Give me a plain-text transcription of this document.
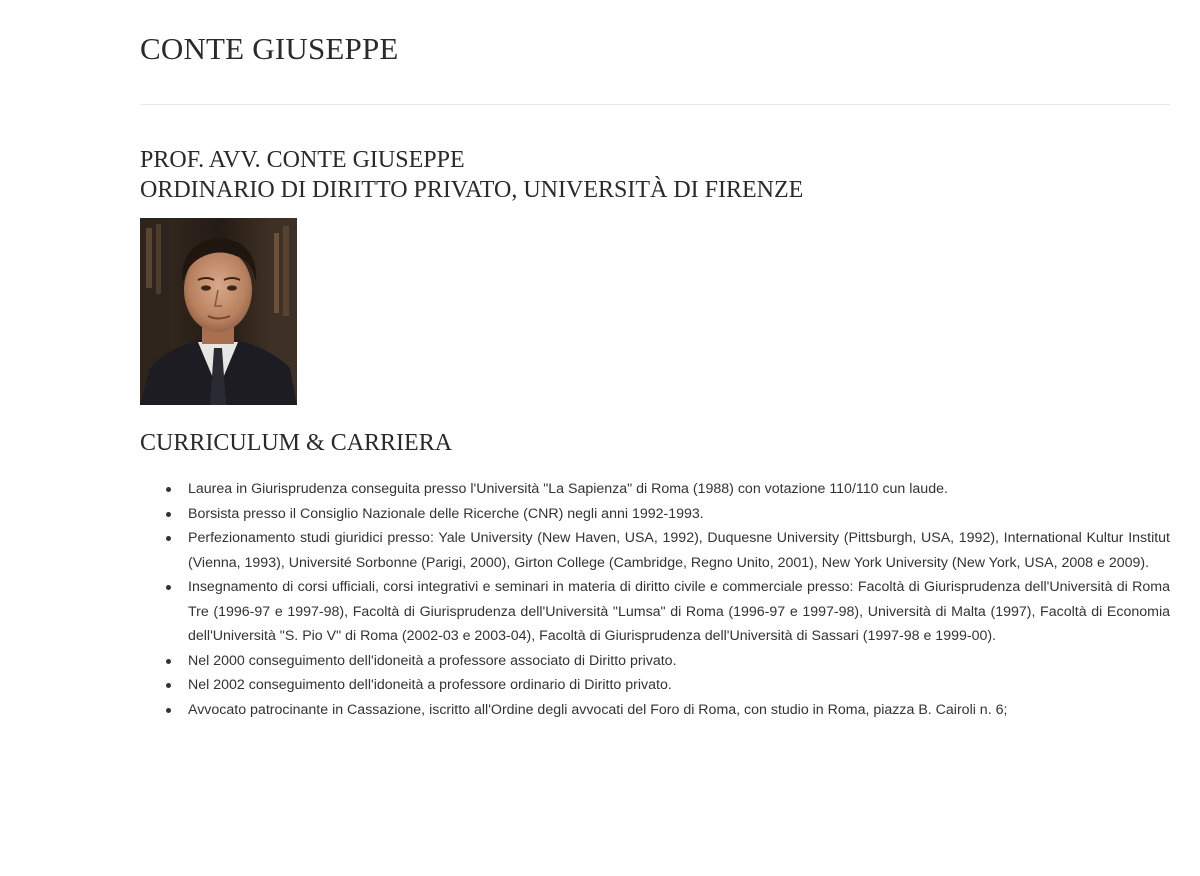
CONTE GIUSEPPE
PROF. AVV. CONTE GIUSEPPE
ORDINARIO DI DIRITTO PRIVATO, UNIVERSITÀ DI FIRENZE
CURRICULUM & CARRIERA
Laurea in Giurisprudenza conseguita presso l'Università "La Sapienza" di Roma (1988) con votazione 110/110 cun laude.
Borsista presso il Consiglio Nazionale delle Ricerche (CNR) negli anni 1992-1993.
Perfezionamento studi giuridici presso: Yale University (New Haven, USA, 1992), Duquesne University (Pittsburgh, USA, 1992), International Kultur Institut (Vienna, 1993), Université Sorbonne (Parigi, 2000), Girton College (Cambridge, Regno Unito, 2001), New York University (New York, USA, 2008 e 2009).
Insegnamento di corsi ufficiali, corsi integrativi e seminari in materia di diritto civile e commerciale presso: Facoltà di Giurisprudenza dell'Università di Roma Tre (1996-97 e 1997-98), Facoltà di Giurisprudenza dell'Università "Lumsa" di Roma (1996-97 e 1997-98), Università di Malta (1997), Facoltà di Economia dell'Università "S. Pio V" di Roma (2002-03 e 2003-04), Facoltà di Giurisprudenza dell'Università di Sassari (1997-98 e 1999-00).
Nel 2000 conseguimento dell'idoneità a professore associato di Diritto privato.
Nel 2002 conseguimento dell'idoneità a professore ordinario di Diritto privato.
Avvocato patrocinante in Cassazione, iscritto all'Ordine degli avvocati del Foro di Roma, con studio in Roma, piazza B. Cairoli n. 6;
